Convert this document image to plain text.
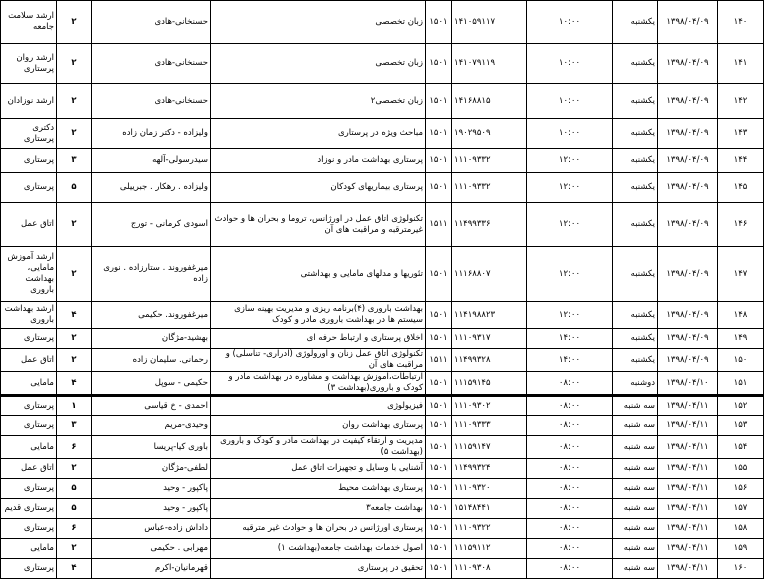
۱۴۰	۱۳۹۸/۰۴/۰۹	یکشنبه	۱۰:۰۰	۱۴۱۰۵۹۱۱۷	۱۵۰۱	زبان تخصصی	حسنخانی-هادی	۲	ارشد سلامت جامعه
۱۴۱	۱۳۹۸/۰۴/۰۹	یکشنبه	۱۰:۰۰	۱۴۱۰۷۹۱۱۹	۱۵۰۱	زبان تخصصی	حسنخانی-هادی	۲	ارشد روان پرستاری
۱۴۲	۱۳۹۸/۰۴/۰۹	یکشنبه	۱۰:۰۰	۱۴۱۶۸۸۱۵	۱۵۰۱	زبان تخصصی۲	حسنخانی-هادی	۲	ارشد نوزادان
۱۴۳	۱۳۹۸/۰۴/۰۹	یکشنبه	۱۰:۰۰	۱۹۰۲۹۵۰۹	۱۵۰۱	مباحث ویژه در پرستاری	ولیزاده - دکتر زمان زاده	۲	دکتری پرستاری
۱۴۴	۱۳۹۸/۰۴/۰۹	یکشنبه	۱۲:۰۰	۱۱۱۰۹۳۳۲	۱۵۰۱	پرستاری بهداشت مادر و نوزاد	سیدرسولی-آلهه	۳	پرستاری
۱۴۵	۱۳۹۸/۰۴/۰۹	یکشنبه	۱۲:۰۰	۱۱۱۰۹۳۳۲	۱۵۰۱	پرستاری بیماریهای کودکان	ولیزاده . رهکار . جبرییلی	۵	پرستاری
۱۴۶	۱۳۹۸/۰۴/۰۹	یکشنبه	۱۲:۰۰	۱۱۴۹۹۳۳۶	۱۵۱۱	تکنولوژی اتاق عمل در اورژانس، تروما و بحران ها و حوادث غیرمترقبه و مراقبت های آن	اسودی کرمانی - تورج	۲	اتاق عمل
۱۴۷	۱۳۹۸/۰۴/۰۹	یکشنبه	۱۲:۰۰	۱۱۱۶۸۸۰۷	۱۵۰۱	تئوریها و مدلهای مامایی و بهداشتی	میرغفوروند . ستارزاده . نوری زاده	۲	ارشد آموزش مامایی، بهداشت باروری
۱۴۸	۱۳۹۸/۰۴/۰۹	یکشنبه	۱۲:۰۰	۱۱۴۱۹۸۸۲۳	۱۵۰۱	بهداشت باروری (۴)برنامه ریزی و مدیریت بهینه سازی سیستم ها در بهداشت باروری مادر و کودک	میرغفوروند. حکیمی	۴	ارشد بهداشت باروری
۱۴۹	۱۳۹۸/۰۴/۰۹	یکشنبه	۱۴:۰۰	۱۱۱۰۹۳۱۷	۱۵۰۱	اخلاق پرستاری و ارتباط حرفه ای	بهشید-مژگان	۲	پرستاری
۱۵۰	۱۳۹۸/۰۴/۰۹	یکشنبه	۱۴:۰۰	۱۱۴۹۹۳۲۸	۱۵۱۱	تکنولوژی اتاق عمل زنان و اورولوژی (ادراری- تناسلی) و مراقبت های آن	رحمانی. سلیمان زاده	۲	اتاق عمل
۱۵۱	۱۳۹۸/۰۴/۱۰	دوشنبه	۰۸:۰۰	۱۱۱۵۹۱۴۵	۱۵۰۱	ارتباطات،آموزش بهداشت و مشاوره در بهداشت مادر و کودک و باروری(بهداشت ۳)	حکیمی - سوپل	۴	مامایی
۱۵۲	۱۳۹۸/۰۴/۱۱	سه شنبه	۰۸:۰۰	۱۱۱۰۹۳۰۲	۱۵۰۱	فیزیولوژی	احمدی - خ قیاسی	۱	پرستاری
۱۵۳	۱۳۹۸/۰۴/۱۱	سه شنبه	۰۸:۰۰	۱۱۱۰۹۳۳۳	۱۵۰۱	پرستاری بهداشت روان	وحیدی-مریم	۳	پرستاری
۱۵۴	۱۳۹۸/۰۴/۱۱	سه شنبه	۰۸:۰۰	۱۱۱۵۹۱۴۷	۱۵۰۱	مدیریت و ارتقاء کیفیت در بهداشت مادر و کودک و باروری (بهداشت ۵)	باوری کیا-پریسا	۶	مامایی
۱۵۵	۱۳۹۸/۰۴/۱۱	سه شنبه	۰۸:۰۰	۱۱۴۹۹۳۲۴	۱۵۰۱	آشنایی با وسایل و تجهیزات اتاق عمل	لطفی-مژگان	۲	اتاق عمل
۱۵۶	۱۳۹۸/۰۴/۱۱	سه شنبه	۰۸:۰۰	۱۱۱۰۹۳۲۰	۱۵۰۱	پرستاری بهداشت محیط	پاکپور - وحید	۵	پرستاری
۱۵۷	۱۳۹۸/۰۴/۱۱	سه شنبه	۰۸:۰۰	۱۵۱۴۸۴۴۱	۱۵۰۱	بهداشت جامعه۳	پاکپور - وحید	۵	پرستاری قدیم
۱۵۸	۱۳۹۸/۰۴/۱۱	سه شنبه	۰۸:۰۰	۱۱۱۰۹۳۲۲	۱۵۰۱	پرستاری اورژانس در بحران ها و حوادث غیر مترقبه	داداش زاده-عباس	۶	پرستاری
۱۵۹	۱۳۹۸/۰۴/۱۱	سه شنبه	۰۸:۰۰	۱۱۱۵۹۱۱۲	۱۵۰۱	اصول خدمات بهداشت جامعه(بهداشت ۱)	مهرابی . حکیمی	۲	مامایی
۱۶۰	۱۳۹۸/۰۴/۱۱	سه شنبه	۰۸:۰۰	۱۱۱۰۹۳۰۸	۱۵۰۱	تحقیق در پرستاری	قهرمانیان-اکرم	۴	پرستاری
